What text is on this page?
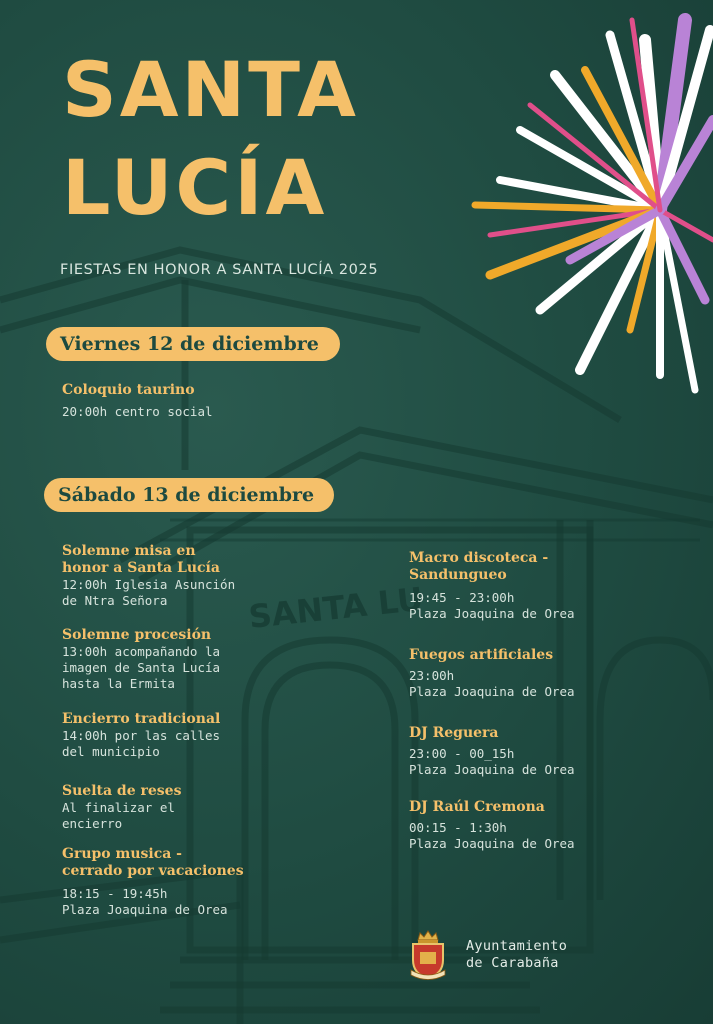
SANTA LU
SANTA
LUCÍA
FIESTAS EN HONOR A SANTA LUCÍA 2025
Viernes 12 de diciembre
Coloquio taurino
20:00h centro social
Sábado 13 de diciembre
Solemne misa en
honor a Santa Lucía
12:00h Iglesia Asunción
de Ntra Señora
Solemne procesión
13:00h acompañando la
imagen de Santa Lucía
hasta la Ermita
Encierro tradicional
14:00h por las calles
del municipio
Suelta de reses
Al finalizar el
encierro
Grupo musica -
cerrado por vacaciones
18:15 - 19:45h
Plaza Joaquina de Orea
Macro discoteca -
Sandungueo
19:45 - 23:00h
Plaza Joaquina de Orea
Fuegos artificiales
23:00h
Plaza Joaquina de Orea
DJ Reguera
23:00 - 00_15h
Plaza Joaquina de Orea
DJ Raúl Cremona
00:15 - 1:30h
Plaza Joaquina de Orea
Ayuntamiento
de Carabaña
